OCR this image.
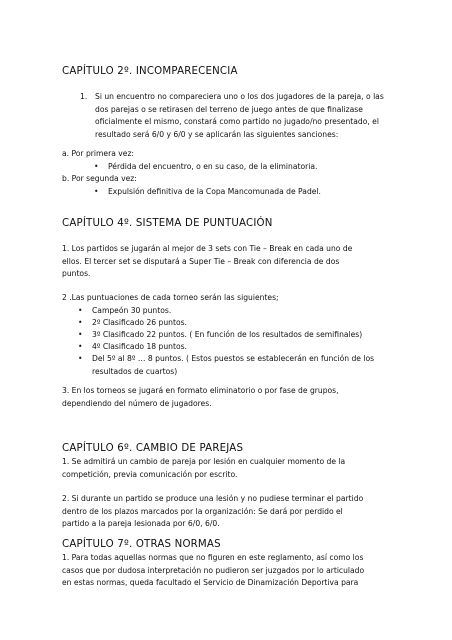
CAPÍTULO 2º. INCOMPARECENCIA
1. Si un encuentro no compareciera uno o los dos jugadores de la pareja, o las dos parejas o se retirasen del terreno de juego antes de que finalizase oficialmente el mismo, constará como partido no jugado/no presentado, el resultado será 6/0 y 6/0 y se aplicarán las siguientes sanciones:

a. Por primera vez:

•	Pérdida del encuentro, o en su caso, de la eliminatoria.

b. Por segunda vez:

•	Expulsión definitiva de la Copa Mancomunada de Padel.
CAPÍTULO 4º. SISTEMA DE PUNTUACIÓN

1. Los partidos se jugarán al mejor de 3 sets con Tie – Break en cada uno de ellos. El tercer set se disputará a Super Tie – Break con diferencia de dos puntos.

2 .Las puntuaciones de cada torneo serán las siguientes;

•	Campeón 30 puntos.
•	2º Clasificado 26 puntos.
•	3º Clasificado 22 puntos. ( En función de los resultados de semifinales)
•	4º Clasificado 18 puntos.
•	Del 5º al 8º … 8 puntos. ( Estos puestos se establecerán en función de los resultados de cuartos)

3. En los torneos se jugará en formato eliminatorio o por fase de grupos, dependiendo del número de jugadores.

CAPÍTULO 6º. CAMBIO DE PAREJAS

1. Se admitirá un cambio de pareja por lesión en cualquier momento de la competición, previa comunicación por escrito.

2. Si durante un partido se produce una lesión y no pudiese terminar el partido dentro de los plazos marcados por la organización: Se dará por perdido el partido a la pareja lesionada por 6/0, 6/0.

CAPÍTULO 7º. OTRAS NORMAS

1. Para todas aquellas normas que no figuren en este reglamento, así como los casos que por dudosa interpretación no pudieron ser juzgados por lo articulado en estas normas, queda facultado el Servicio de Dinamización Deportiva para
